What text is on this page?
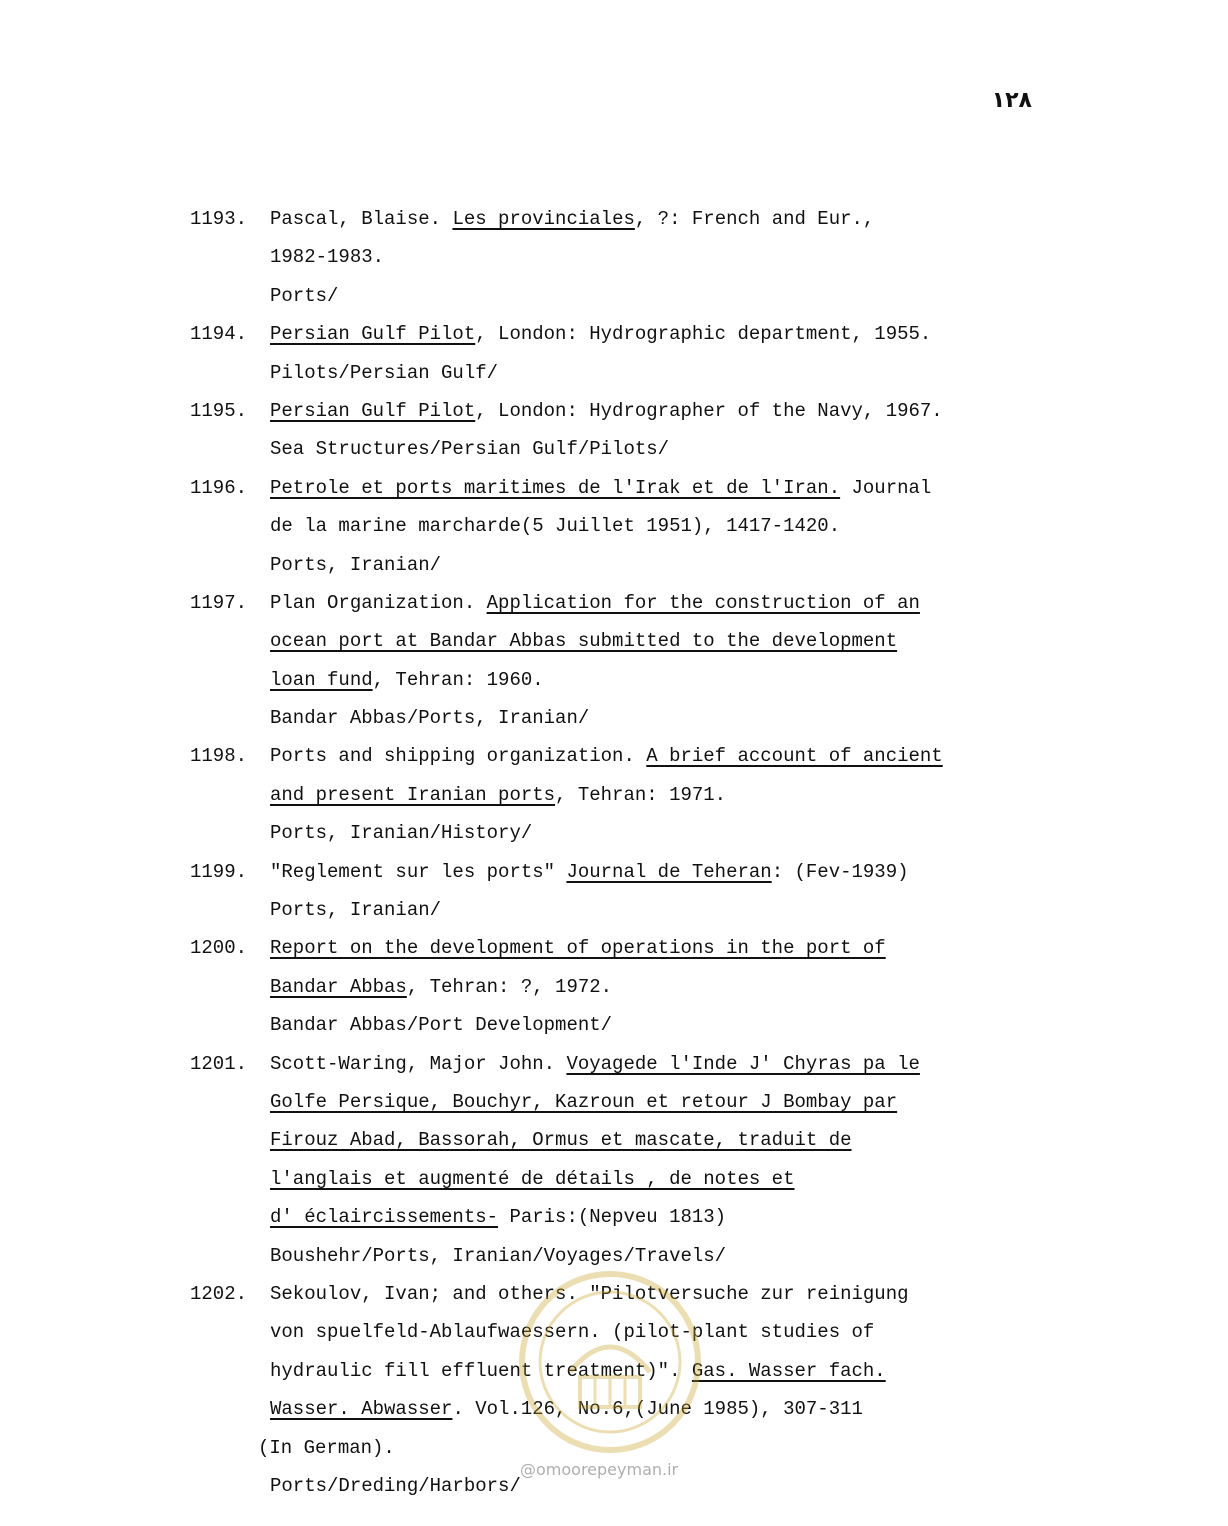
١٢٨
1193.	Pascal, Blaise. Les provinciales, ?: French and Eur.,
1982-1983.
Ports/
1194.	Persian Gulf Pilot, London: Hydrographic department, 1955.
Pilots/Persian Gulf/
1195.	Persian Gulf Pilot, London: Hydrographer of the Navy, 1967.
Sea Structures/Persian Gulf/Pilots/
1196.	Petrole et ports maritimes de l'Irak et de l'Iran. Journal
de la marine marcharde(5 Juillet 1951), 1417-1420.
Ports, Iranian/
1197.	Plan Organization. Application for the construction of an
ocean port at Bandar Abbas submitted to the development
loan fund, Tehran: 1960.
Bandar Abbas/Ports, Iranian/
1198.	Ports and shipping organization. A brief account of ancient
and present Iranian ports, Tehran: 1971.
Ports, Iranian/History/
1199.	"Reglement sur les ports" Journal de Teheran: (Fev-1939)
Ports, Iranian/
1200.	Report on the development of operations in the port of
Bandar Abbas, Tehran: ?, 1972.
Bandar Abbas/Port Development/
1201.	Scott-Waring, Major John. Voyagede l'Inde J' Chyras pa le
Golfe Persique, Bouchyr, Kazroun et retour J Bombay par
Firouz Abad, Bassorah, Ormus et mascate, traduit de
l'anglais et augmenté de détails , de notes et
d' éclaircissements- Paris:(Nepveu 1813)
Boushehr/Ports, Iranian/Voyages/Travels/
1202.	Sekoulov, Ivan; and others. "Pilotversuche zur reinigung
von spuelfeld-Ablaufwaessern. (pilot-plant studies of
hydraulic fill effluent treatment)". Gas. Wasser fach.
Wasser. Abwasser. Vol.126, No.6,(June 1985), 307-311
(In German).
Ports/Dreding/Harbors/
@omoorepeyman.ir
